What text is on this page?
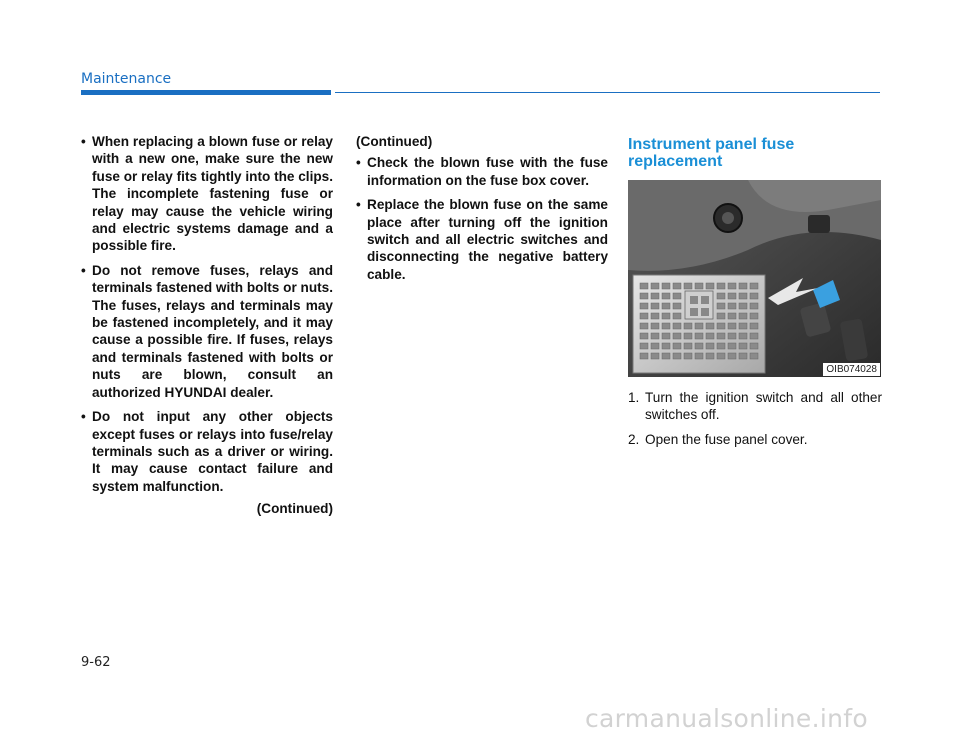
Maintenance
• When replacing a blown fuse or relay with a new one, make sure the new fuse or relay fits tightly into the clips. The incomplete fastening fuse or relay may cause the vehicle wiring and electric systems damage and a possible fire.
• Do not remove fuses, relays and terminals fastened with bolts or nuts. The fuses, relays and terminals may be fastened incompletely, and it may cause a possible fire. If fuses, relays and terminals fastened with bolts or nuts are blown, consult an authorized HYUNDAI dealer.
• Do not input any other objects except fuses or relays into fuse/relay terminals such as a driver or wiring. It may cause contact failure and system malfunction.
(Continued)
(Continued)
• Check the blown fuse with the fuse information on the fuse box cover.
• Replace the blown fuse on the same place after turning off the ignition switch and all electric switches and disconnecting the negative battery cable.
Instrument panel fuse replacement
OIB074028
1. Turn the ignition switch and all other switches off.
2. Open the fuse panel cover.
9-62
carmanualsonline.info
